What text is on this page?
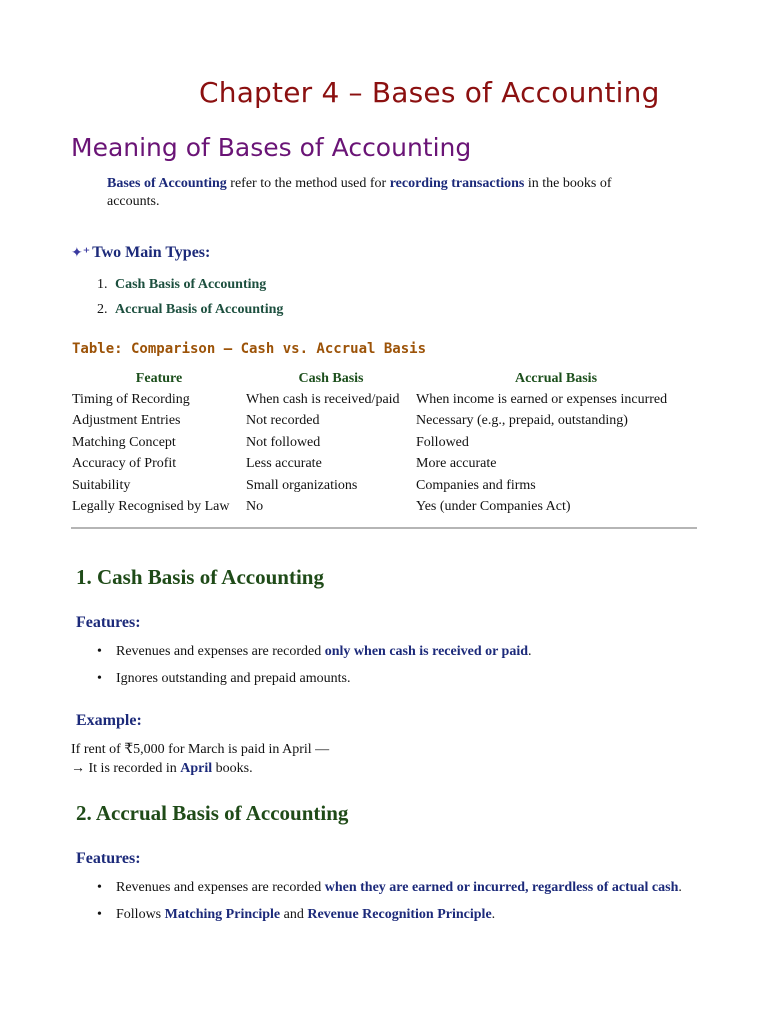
Chapter 4 – Bases of Accounting
Meaning of Bases of Accounting
Bases of Accounting refer to the method used for recording transactions in the books of accounts.
✦⁺ Two Main Types:
1. Cash Basis of Accounting
2. Accrual Basis of Accounting
Table: Comparison – Cash vs. Accrual Basis
Feature	Cash Basis	Accrual Basis
Timing of Recording	When cash is received/paid	When income is earned or expenses incurred
Adjustment Entries	Not recorded	Necessary (e.g., prepaid, outstanding)
Matching Concept	Not followed	Followed
Accuracy of Profit	Less accurate	More accurate
Suitability	Small organizations	Companies and firms
Legally Recognised by Law	No	Yes (under Companies Act)
1. Cash Basis of Accounting
Features:
• Revenues and expenses are recorded only when cash is received or paid.
• Ignores outstanding and prepaid amounts.
Example:
If rent of ₹5,000 for March is paid in April —
→ It is recorded in April books.
2. Accrual Basis of Accounting
Features:
• Revenues and expenses are recorded when they are earned or incurred, regardless of actual cash.
• Follows Matching Principle and Revenue Recognition Principle.
